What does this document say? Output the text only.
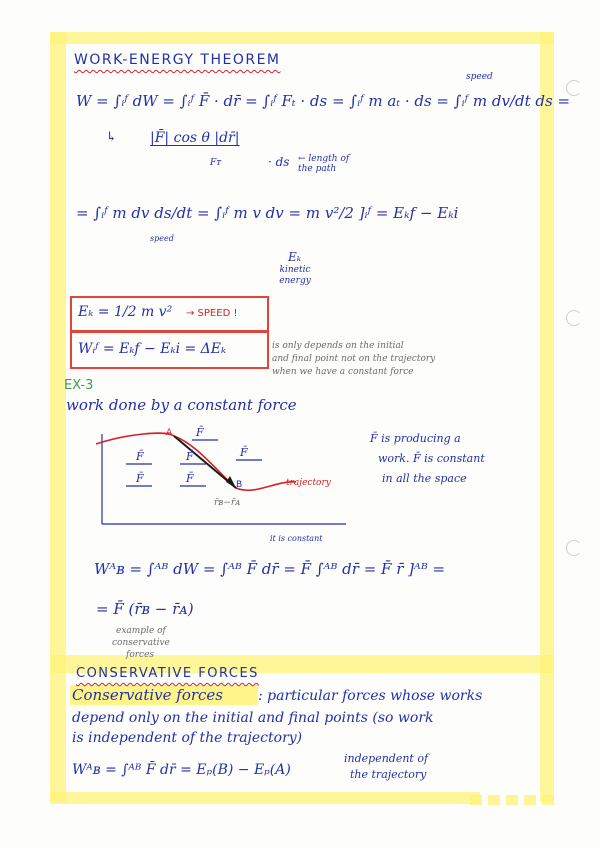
WORK-ENERGY THEOREM
speed
W = ∫ᵢᶠ dW = ∫ᵢᶠ F̄ · dr̄ = ∫ᵢᶠ Fₜ · ds = ∫ᵢᶠ m aₜ · ds = ∫ᵢᶠ m dv/dt ds =
↳ |F̄| cos θ |dr̄|
Fᴛ	· ds ← length of the path
= ∫ᵢᶠ m dv ds/dt = ∫ᵢᶠ m v dv = m v²/2 ]ᵢᶠ = Eₖf − Eₖi
speed
Eₖ
kinetic energy
Eₖ = 1/2 m v² → SPEED !
Wᵢᶠ = Eₖf − Eₖi = ΔEₖ	is only depends on the initial
and final point not on the trajectory
when we have a constant force
EX-3
work done by a constant force
A
B
F̄
F̄	F̄	F̄
F̄	F̄	trajectory
r̄ʙ−r̄ᴀ
F̄ is producing a
work. F̄ is constant
in all the space
it is constant
Wᴬʙ = ∫ᴬᴮ dW = ∫ᴬᴮ F̄ dr̄ = F̄ ∫ᴬᴮ dr̄ = F̄ r̄ ]ᴬᴮ =
= F̄ (r̄ʙ − r̄ᴀ)
example of
conservative
forces
CONSERVATIVE FORCES
Conservative forces : particular forces whose works
depend only on the initial and final points (so work
is independent of the trajectory)
Wᴬʙ = ∫ᴬᴮ F̄ dr̄ = Eₚ(B) − Eₚ(A)
independent of
the trajectory
